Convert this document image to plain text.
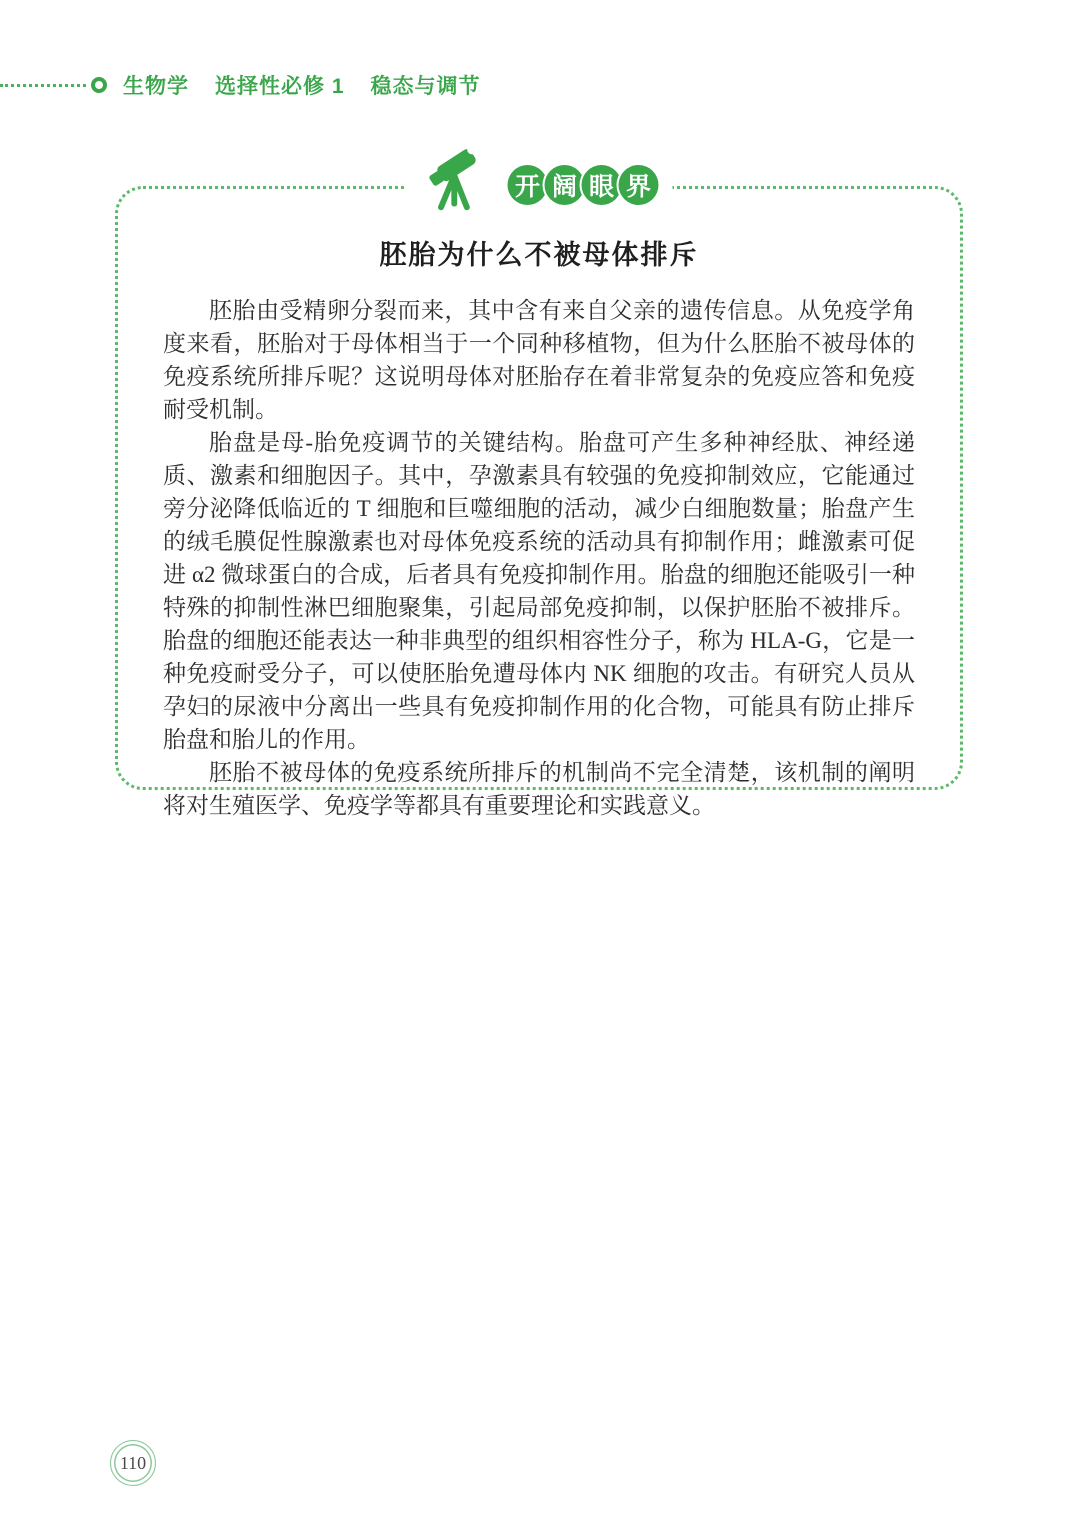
生物学 选择性必修 1 稳态与调节
开 阔 眼 界
胚胎为什么不被母体排斥

胚胎由受精卵分裂而来，其中含有来自父亲的遗传信息。从免疫学角度来看，胚胎对于母体相当于一个同种移植物，但为什么胚胎不被母体的免疫系统所排斥呢？这说明母体对胚胎存在着非常复杂的免疫应答和免疫耐受机制。

胎盘是母-胎免疫调节的关键结构。胎盘可产生多种神经肽、神经递质、激素和细胞因子。其中，孕激素具有较强的免疫抑制效应，它能通过旁分泌降低临近的 T 细胞和巨噬细胞的活动，减少白细胞数量；胎盘产生的绒毛膜促性腺激素也对母体免疫系统的活动具有抑制作用；雌激素可促进 α2 微球蛋白的合成，后者具有免疫抑制作用。胎盘的细胞还能吸引一种特殊的抑制性淋巴细胞聚集，引起局部免疫抑制，以保护胚胎不被排斥。胎盘的细胞还能表达一种非典型的组织相容性分子，称为 HLA-G，它是一种免疫耐受分子，可以使胚胎免遭母体内 NK 细胞的攻击。有研究人员从孕妇的尿液中分离出一些具有免疫抑制作用的化合物，可能具有防止排斥胎盘和胎儿的作用。

胚胎不被母体的免疫系统所排斥的机制尚不完全清楚，该机制的阐明将对生殖医学、免疫学等都具有重要理论和实践意义。

110
